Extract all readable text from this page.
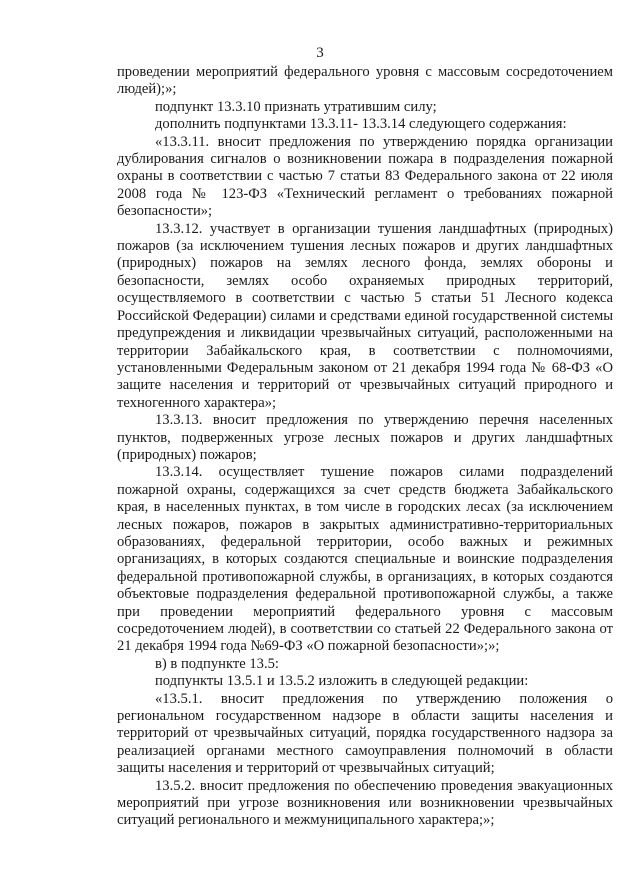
3

проведении мероприятий федерального уровня с массовым сосредоточением людей);»;

подпункт 13.3.10 признать утратившим силу;

дополнить подпунктами 13.3.11- 13.3.14 следующего содержания:

«13.3.11. вносит предложения по утверждению порядка организации дублирования сигналов о возникновении пожара в подразделения пожарной охраны в соответствии с частью 7 статьи 83 Федерального закона от 22 июля 2008 года № 123-ФЗ «Технический регламент о требованиях пожарной безопасности»;

13.3.12. участвует в организации тушения ландшафтных (природных) пожаров (за исключением тушения лесных пожаров и других ландшафтных (природных) пожаров на землях лесного фонда, землях обороны и безопасности, землях особо охраняемых природных территорий, осуществляемого в соответствии с частью 5 статьи 51 Лесного кодекса Российской Федерации) силами и средствами единой государственной системы предупреждения и ликвидации чрезвычайных ситуаций, расположенными на территории Забайкальского края, в соответствии с полномочиями, установленными Федеральным законом от 21 декабря 1994 года № 68-ФЗ «О защите населения и территорий от чрезвычайных ситуаций природного и техногенного характера»;

13.3.13. вносит предложения по утверждению перечня населенных пунктов, подверженных угрозе лесных пожаров и других ландшафтных (природных) пожаров;

13.3.14. осуществляет тушение пожаров силами подразделений пожарной охраны, содержащихся за счет средств бюджета Забайкальского края, в населенных пунктах, в том числе в городских лесах (за исключением лесных пожаров, пожаров в закрытых административно-территориальных образованиях, федеральной территории, особо важных и режимных организациях, в которых создаются специальные и воинские подразделения федеральной противопожарной службы, в организациях, в которых создаются объектовые подразделения федеральной противопожарной службы, а также при проведении мероприятий федерального уровня с массовым сосредоточением людей), в соответствии со статьей 22 Федерального закона от 21 декабря 1994 года №69-ФЗ «О пожарной безопасности»;»;

в) в подпункте 13.5:

подпункты 13.5.1 и 13.5.2 изложить в следующей редакции:

«13.5.1. вносит предложения по утверждению положения о региональном государственном надзоре в области защиты населения и территорий от чрезвычайных ситуаций, порядка государственного надзора за реализацией органами местного самоуправления полномочий в области защиты населения и территорий от чрезвычайных ситуаций;

13.5.2. вносит предложения по обеспечению проведения эвакуационных мероприятий при угрозе возникновения или возникновении чрезвычайных ситуаций регионального и межмуниципального характера;»;
